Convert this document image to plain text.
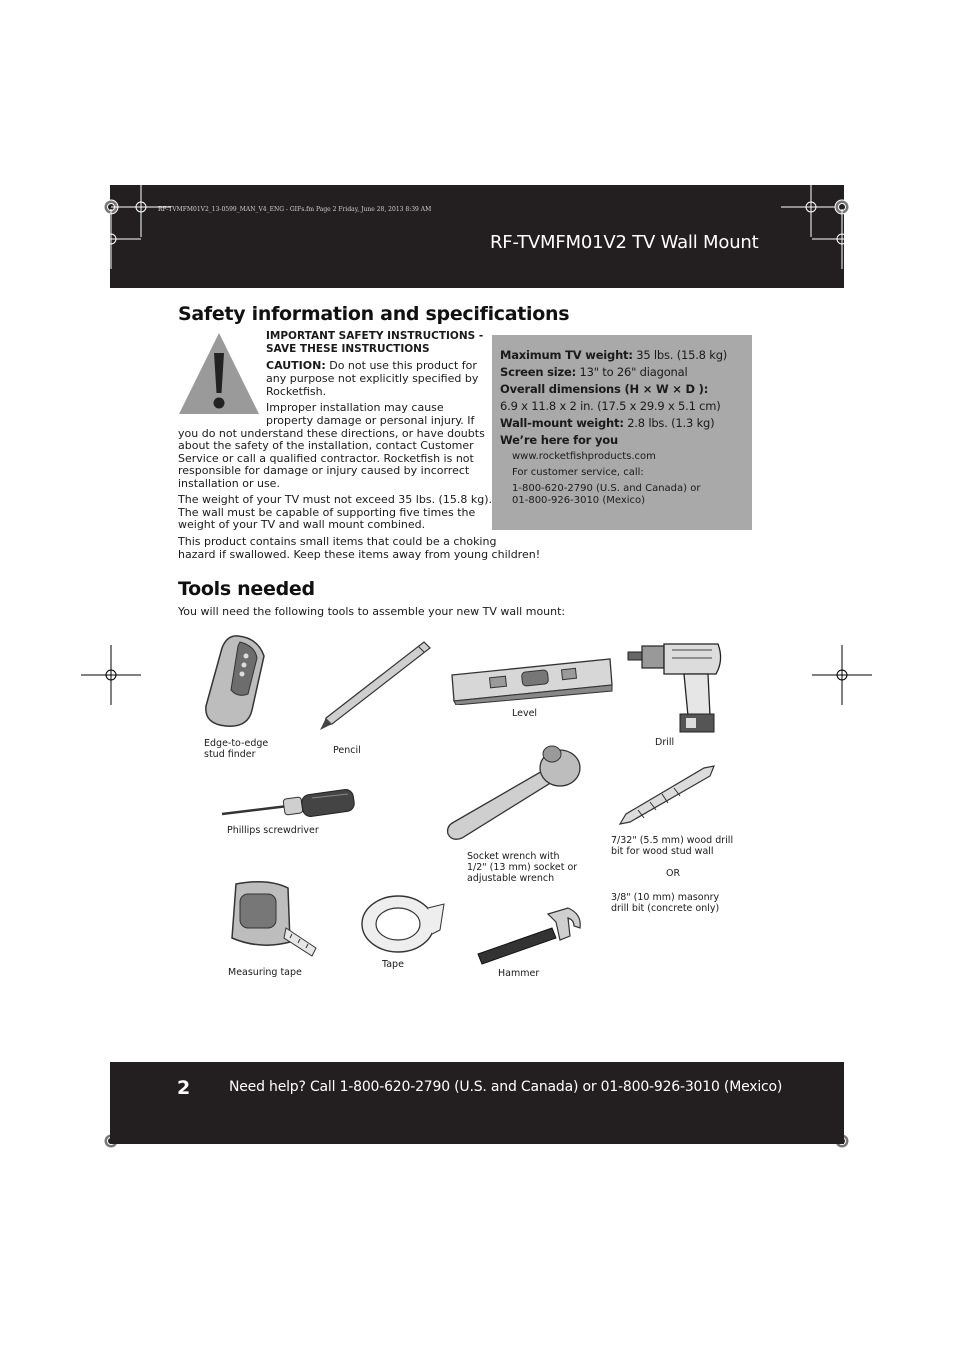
RF-TVMFM01V2_13-0599_MAN_V4_ENG - GIFs.fm Page 2 Friday, June 28, 2013 8:39 AM
RF-TVMFM01V2 TV Wall Mount
Safety information and specifications
IMPORTANT SAFETY INSTRUCTIONS -
SAVE THESE INSTRUCTIONS
CAUTION: Do not use this product for
any purpose not explicitly specified by
Rocketfish.
Improper installation may cause
property damage or personal injury. If
you do not understand these directions, or have doubts
about the safety of the installation, contact Customer
Service or call a qualified contractor. Rocketfish is not
responsible for damage or injury caused by incorrect
installation or use.
The weight of your TV must not exceed 35 lbs. (15.8 kg).
The wall must be capable of supporting five times the
weight of your TV and wall mount combined.
This product contains small items that could be a choking
hazard if swallowed. Keep these items away from young children!
Maximum TV weight: 35 lbs. (15.8 kg)
Screen size: 13" to 26" diagonal
Overall dimensions (H × W × D ):
6.9 x 11.8 x 2 in. (17.5 x 29.9 x 5.1 cm)
Wall-mount weight: 2.8 lbs. (1.3 kg)
We’re here for you
www.rocketfishproducts.com
For customer service, call:
1-800-620-2790 (U.S. and Canada) or
01-800-926-3010 (Mexico)
Tools needed
You will need the following tools to assemble your new TV wall mount:
Edge-to-edge
stud finder	Pencil
Level
Drill
Phillips screwdriver
Socket wrench with
1/2" (13 mm) socket or
adjustable wrench
7/32" (5.5 mm) wood drill
bit for wood stud wall
OR
3/8" (10 mm) masonry
drill bit (concrete only)
Measuring tape
Tape
Hammer
2	Need help? Call 1-800-620-2790 (U.S. and Canada) or 01-800-926-3010 (Mexico)
